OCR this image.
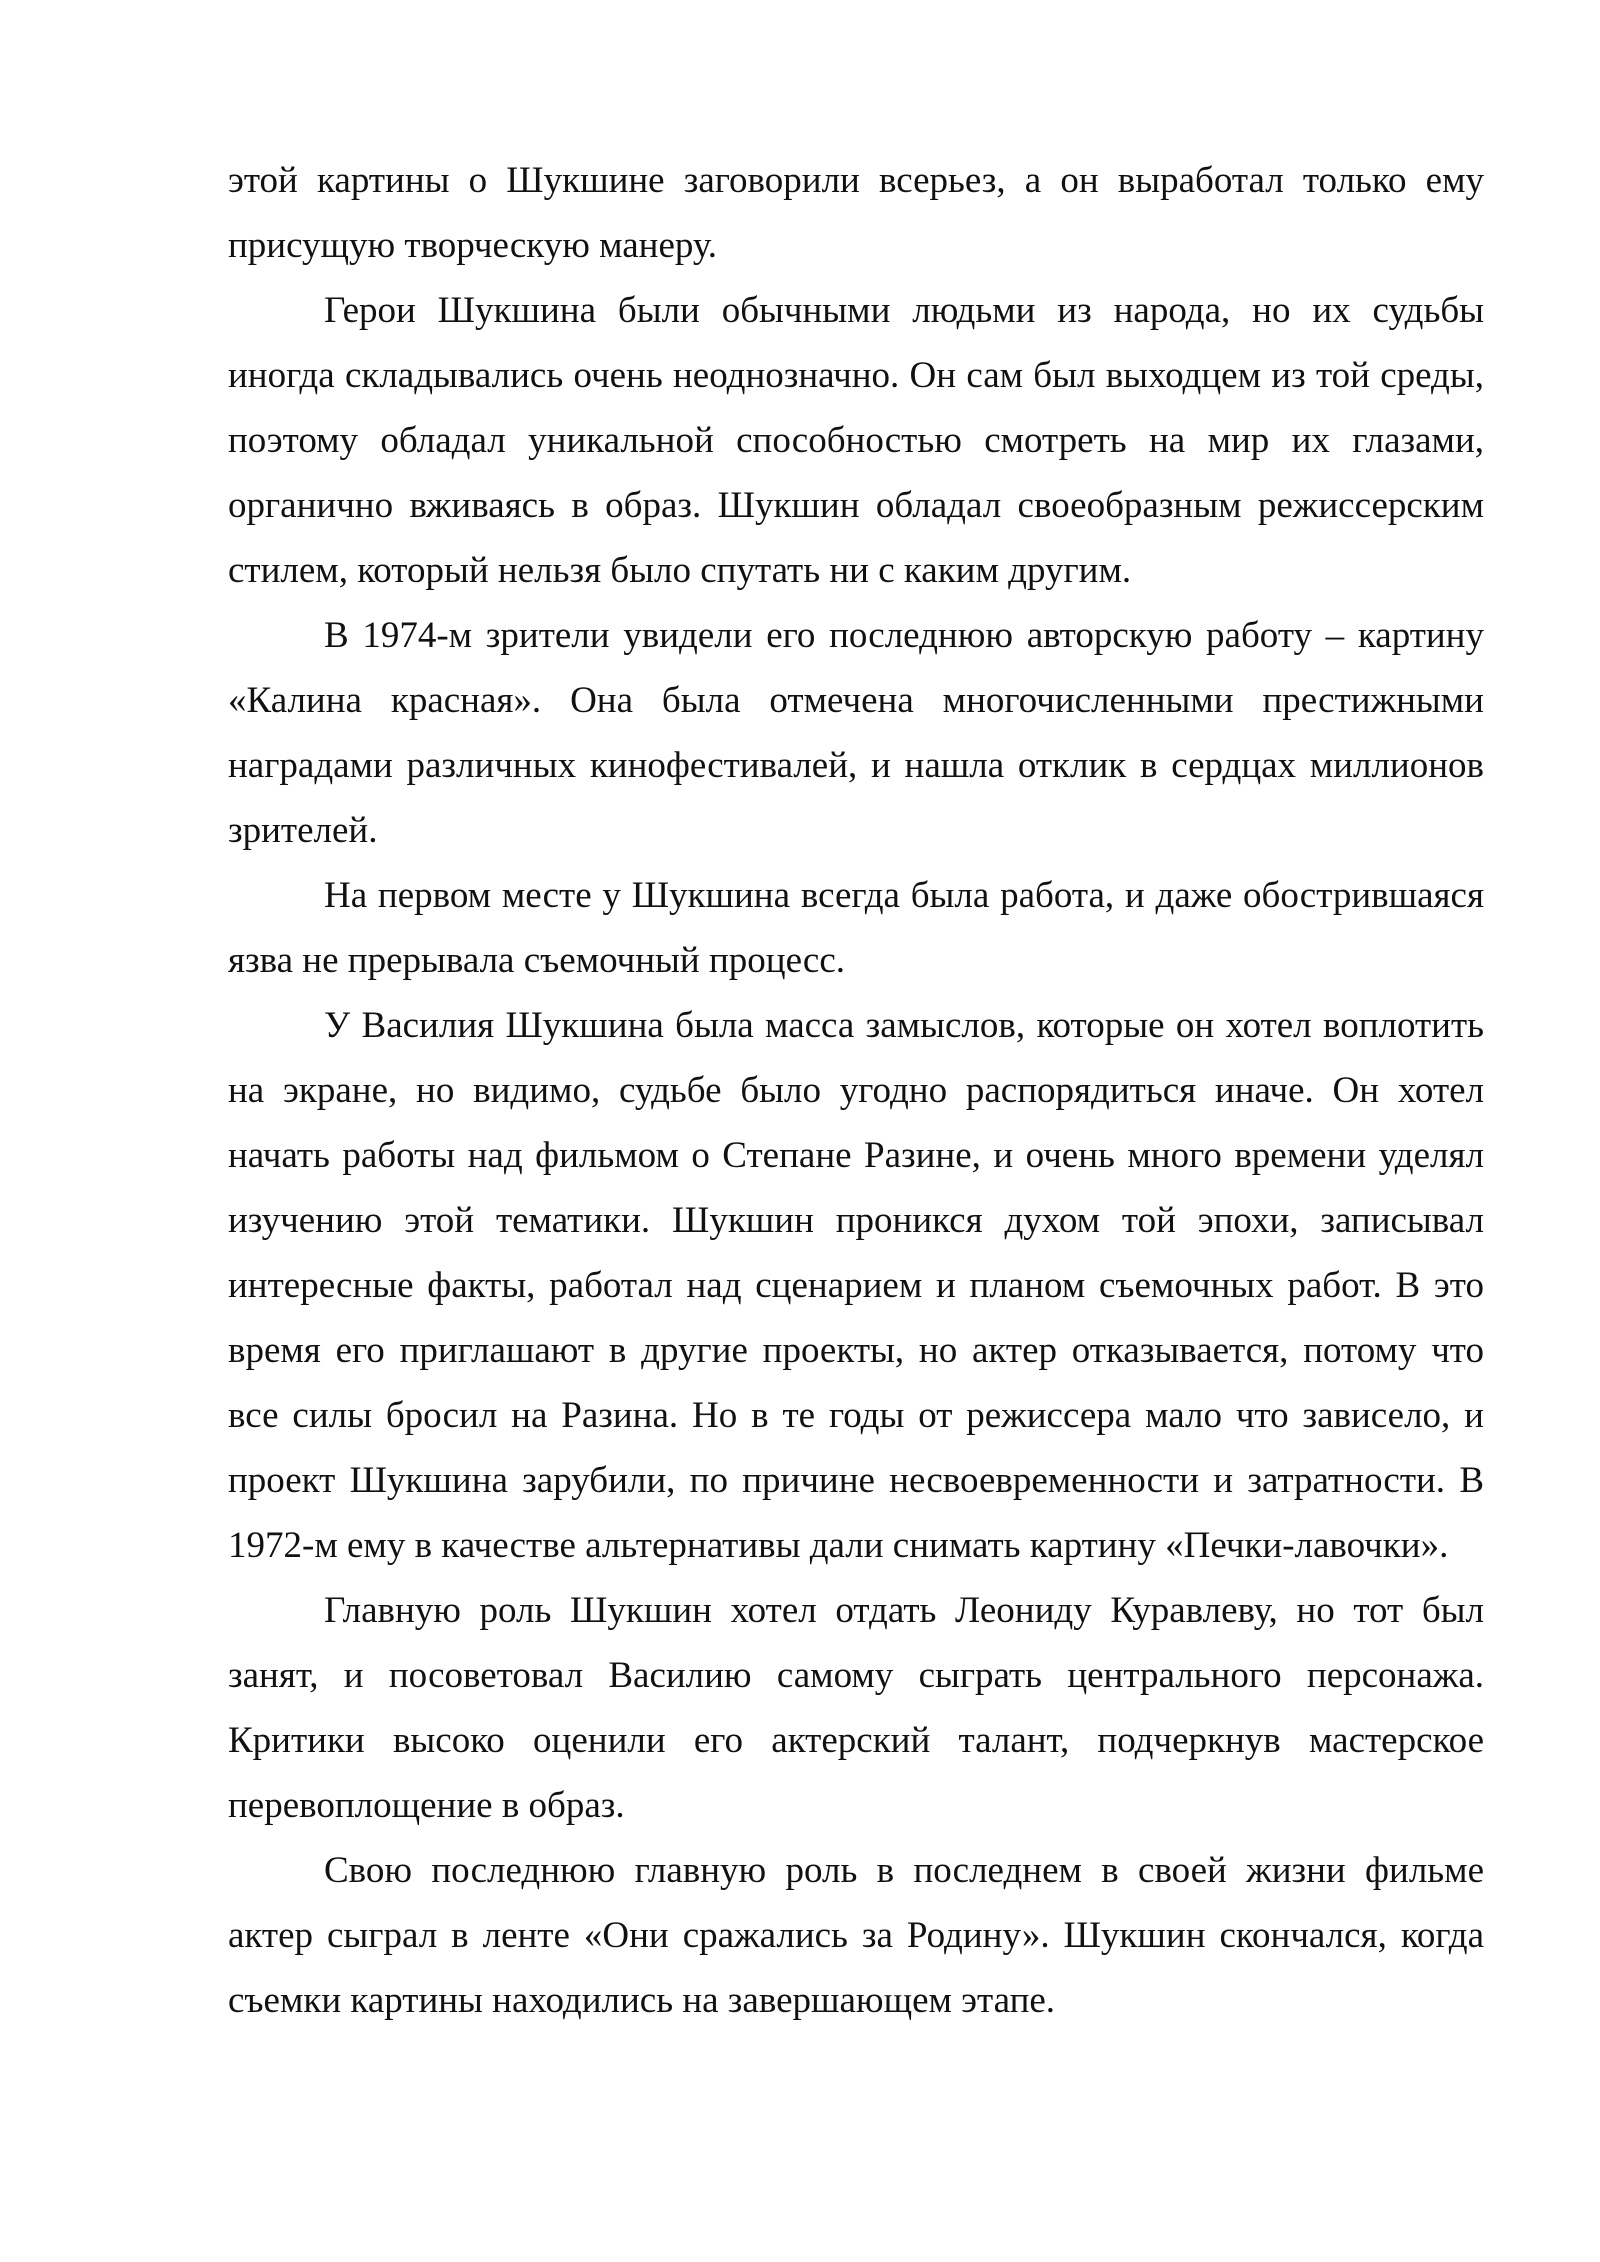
этой картины о Шукшине заговорили всерьез, а он выработал только ему присущую творческую манеру.

Герои Шукшина были обычными людьми из народа, но их судьбы иногда складывались очень неоднозначно. Он сам был выходцем из той среды, поэтому обладал уникальной способностью смотреть на мир их глазами, органично вживаясь в образ. Шукшин обладал своеобразным режиссерским стилем, который нельзя было спутать ни с каким другим.

В 1974-м зрители увидели его последнюю авторскую работу – картину «Калина красная». Она была отмечена многочисленными престижными наградами различных кинофестивалей, и нашла отклик в сердцах миллионов зрителей.

На первом месте у Шукшина всегда была работа, и даже обострившаяся язва не прерывала съемочный процесс.

У Василия Шукшина была масса замыслов, которые он хотел воплотить на экране, но видимо, судьбе было угодно распорядиться иначе. Он хотел начать работы над фильмом о Степане Разине, и очень много времени уделял изучению этой тематики. Шукшин проникся духом той эпохи, записывал интересные факты, работал над сценарием и планом съемочных работ. В это время его приглашают в другие проекты, но актер отказывается, потому что все силы бросил на Разина. Но в те годы от режиссера мало что зависело, и проект Шукшина зарубили, по причине несвоевременности и затратности. В 1972-м ему в качестве альтернативы дали снимать картину «Печки-лавочки».

Главную роль Шукшин хотел отдать Леониду Куравлеву, но тот был занят, и посоветовал Василию самому сыграть центрального персонажа. Критики высоко оценили его актерский талант, подчеркнув мастерское перевоплощение в образ.

Свою последнюю главную роль в последнем в своей жизни фильме актер сыграл в ленте «Они сражались за Родину». Шукшин скончался, когда съемки картины находились на завершающем этапе.
